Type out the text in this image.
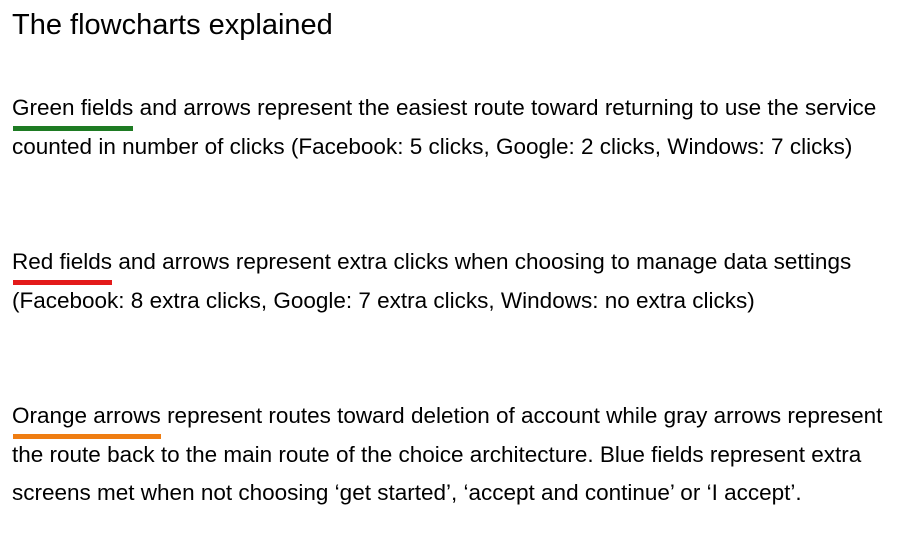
The flowcharts explained

Green fields
and arrows represent the easiest route toward returning to use the service counted in number of clicks (Facebook: 5 clicks, Google: 2 clicks, Windows: 7 clicks)

Red fields
and arrows represent extra clicks when choosing to manage data settings (Facebook: 8 extra clicks, Google: 7 extra clicks, Windows: no extra clicks)

Orange arrows
represent routes toward deletion of account while gray arrows represent the route back to the main route of the choice architecture. Blue fields represent extra screens met when not choosing ‘get started’, ‘accept and continue’ or ‘I accept’.
